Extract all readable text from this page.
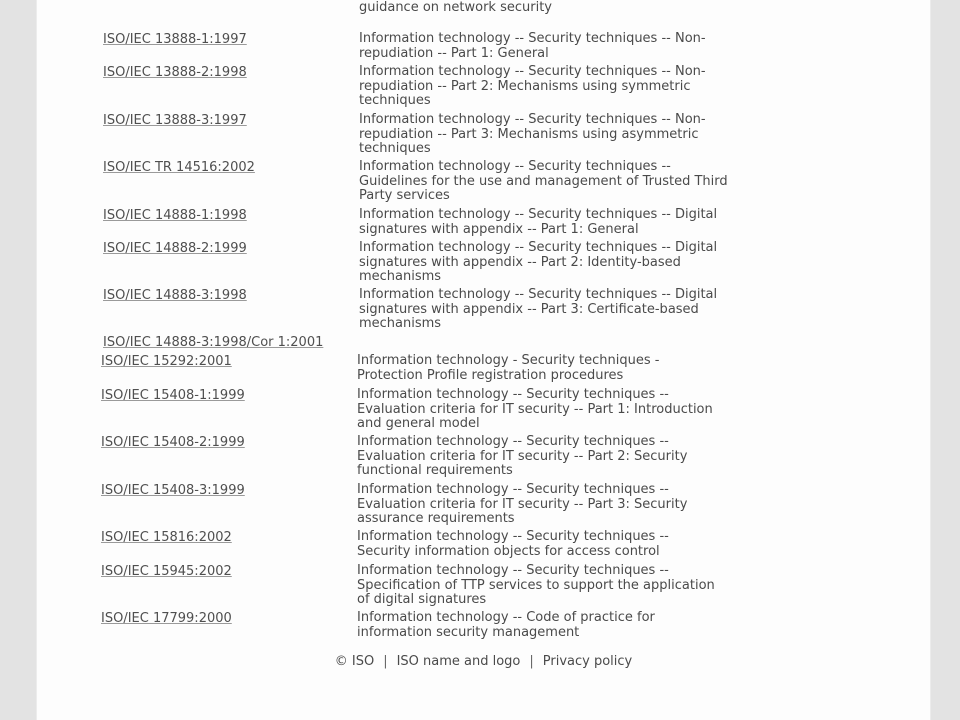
guidance on network security
ISO/IEC 13888-1:1997	Information technology -- Security techniques -- Non-
repudiation -- Part 1: General
ISO/IEC 13888-2:1998	Information technology -- Security techniques -- Non-
repudiation -- Part 2: Mechanisms using symmetric
techniques
ISO/IEC 13888-3:1997	Information technology -- Security techniques -- Non-
repudiation -- Part 3: Mechanisms using asymmetric
techniques
ISO/IEC TR 14516:2002	Information technology -- Security techniques --
Guidelines for the use and management of Trusted Third
Party services
ISO/IEC 14888-1:1998	Information technology -- Security techniques -- Digital
signatures with appendix -- Part 1: General
ISO/IEC 14888-2:1999	Information technology -- Security techniques -- Digital
signatures with appendix -- Part 2: Identity-based
mechanisms
ISO/IEC 14888-3:1998	Information technology -- Security techniques -- Digital
signatures with appendix -- Part 3: Certificate-based
mechanisms
ISO/IEC 14888-3:1998/Cor 1:2001
ISO/IEC 15292:2001	Information technology - Security techniques -
Protection Profile registration procedures
ISO/IEC 15408-1:1999	Information technology -- Security techniques --
Evaluation criteria for IT security -- Part 1: Introduction
and general model
ISO/IEC 15408-2:1999	Information technology -- Security techniques --
Evaluation criteria for IT security -- Part 2: Security
functional requirements
ISO/IEC 15408-3:1999	Information technology -- Security techniques --
Evaluation criteria for IT security -- Part 3: Security
assurance requirements
ISO/IEC 15816:2002	Information technology -- Security techniques --
Security information objects for access control
ISO/IEC 15945:2002	Information technology -- Security techniques --
Specification of TTP services to support the application
of digital signatures
ISO/IEC 17799:2000	Information technology -- Code of practice for
information security management
© ISO | ISO name and logo | Privacy policy
